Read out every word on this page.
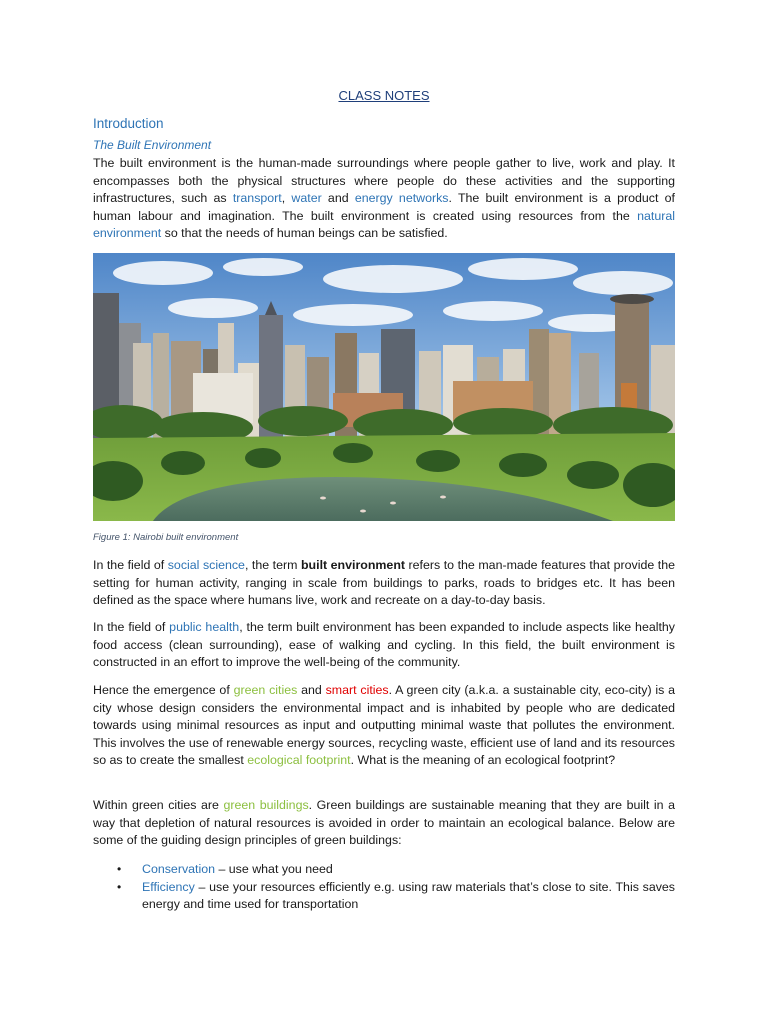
CLASS NOTES
Introduction
The Built Environment

The built environment is the human-made surroundings where people gather to live, work and play. It encompasses both the physical structures where people do these activities and the supporting infrastructures, such as transport, water and energy networks. The built environment is a product of human labour and imagination. The built environment is created using resources from the natural environment so that the needs of human beings can be satisfied.

Figure 1: Nairobi built environment

In the field of social science, the term built environment refers to the man-made features that provide the setting for human activity, ranging in scale from buildings to parks, roads to bridges etc. It has been defined as the space where humans live, work and recreate on a day-to-day basis.

In the field of public health, the term built environment has been expanded to include aspects like healthy food access (clean surrounding), ease of walking and cycling. In this field, the built environment is constructed in an effort to improve the well-being of the community.

Hence the emergence of green cities and smart cities. A green city (a.k.a. a sustainable city, eco-city) is a city whose design considers the environmental impact and is inhabited by people who are dedicated towards using minimal resources as input and outputting minimal waste that pollutes the environment. This involves the use of renewable energy sources, recycling waste, efficient use of land and its resources so as to create the smallest ecological footprint. What is the meaning of an ecological footprint?

Within green cities are green buildings. Green buildings are sustainable meaning that they are built in a way that depletion of natural resources is avoided in order to maintain an ecological balance. Below are some of the guiding design principles of green buildings:

• Conservation – use what you need
• Efficiency – use your resources efficiently e.g. using raw materials that’s close to site. This saves energy and time used for transportation
